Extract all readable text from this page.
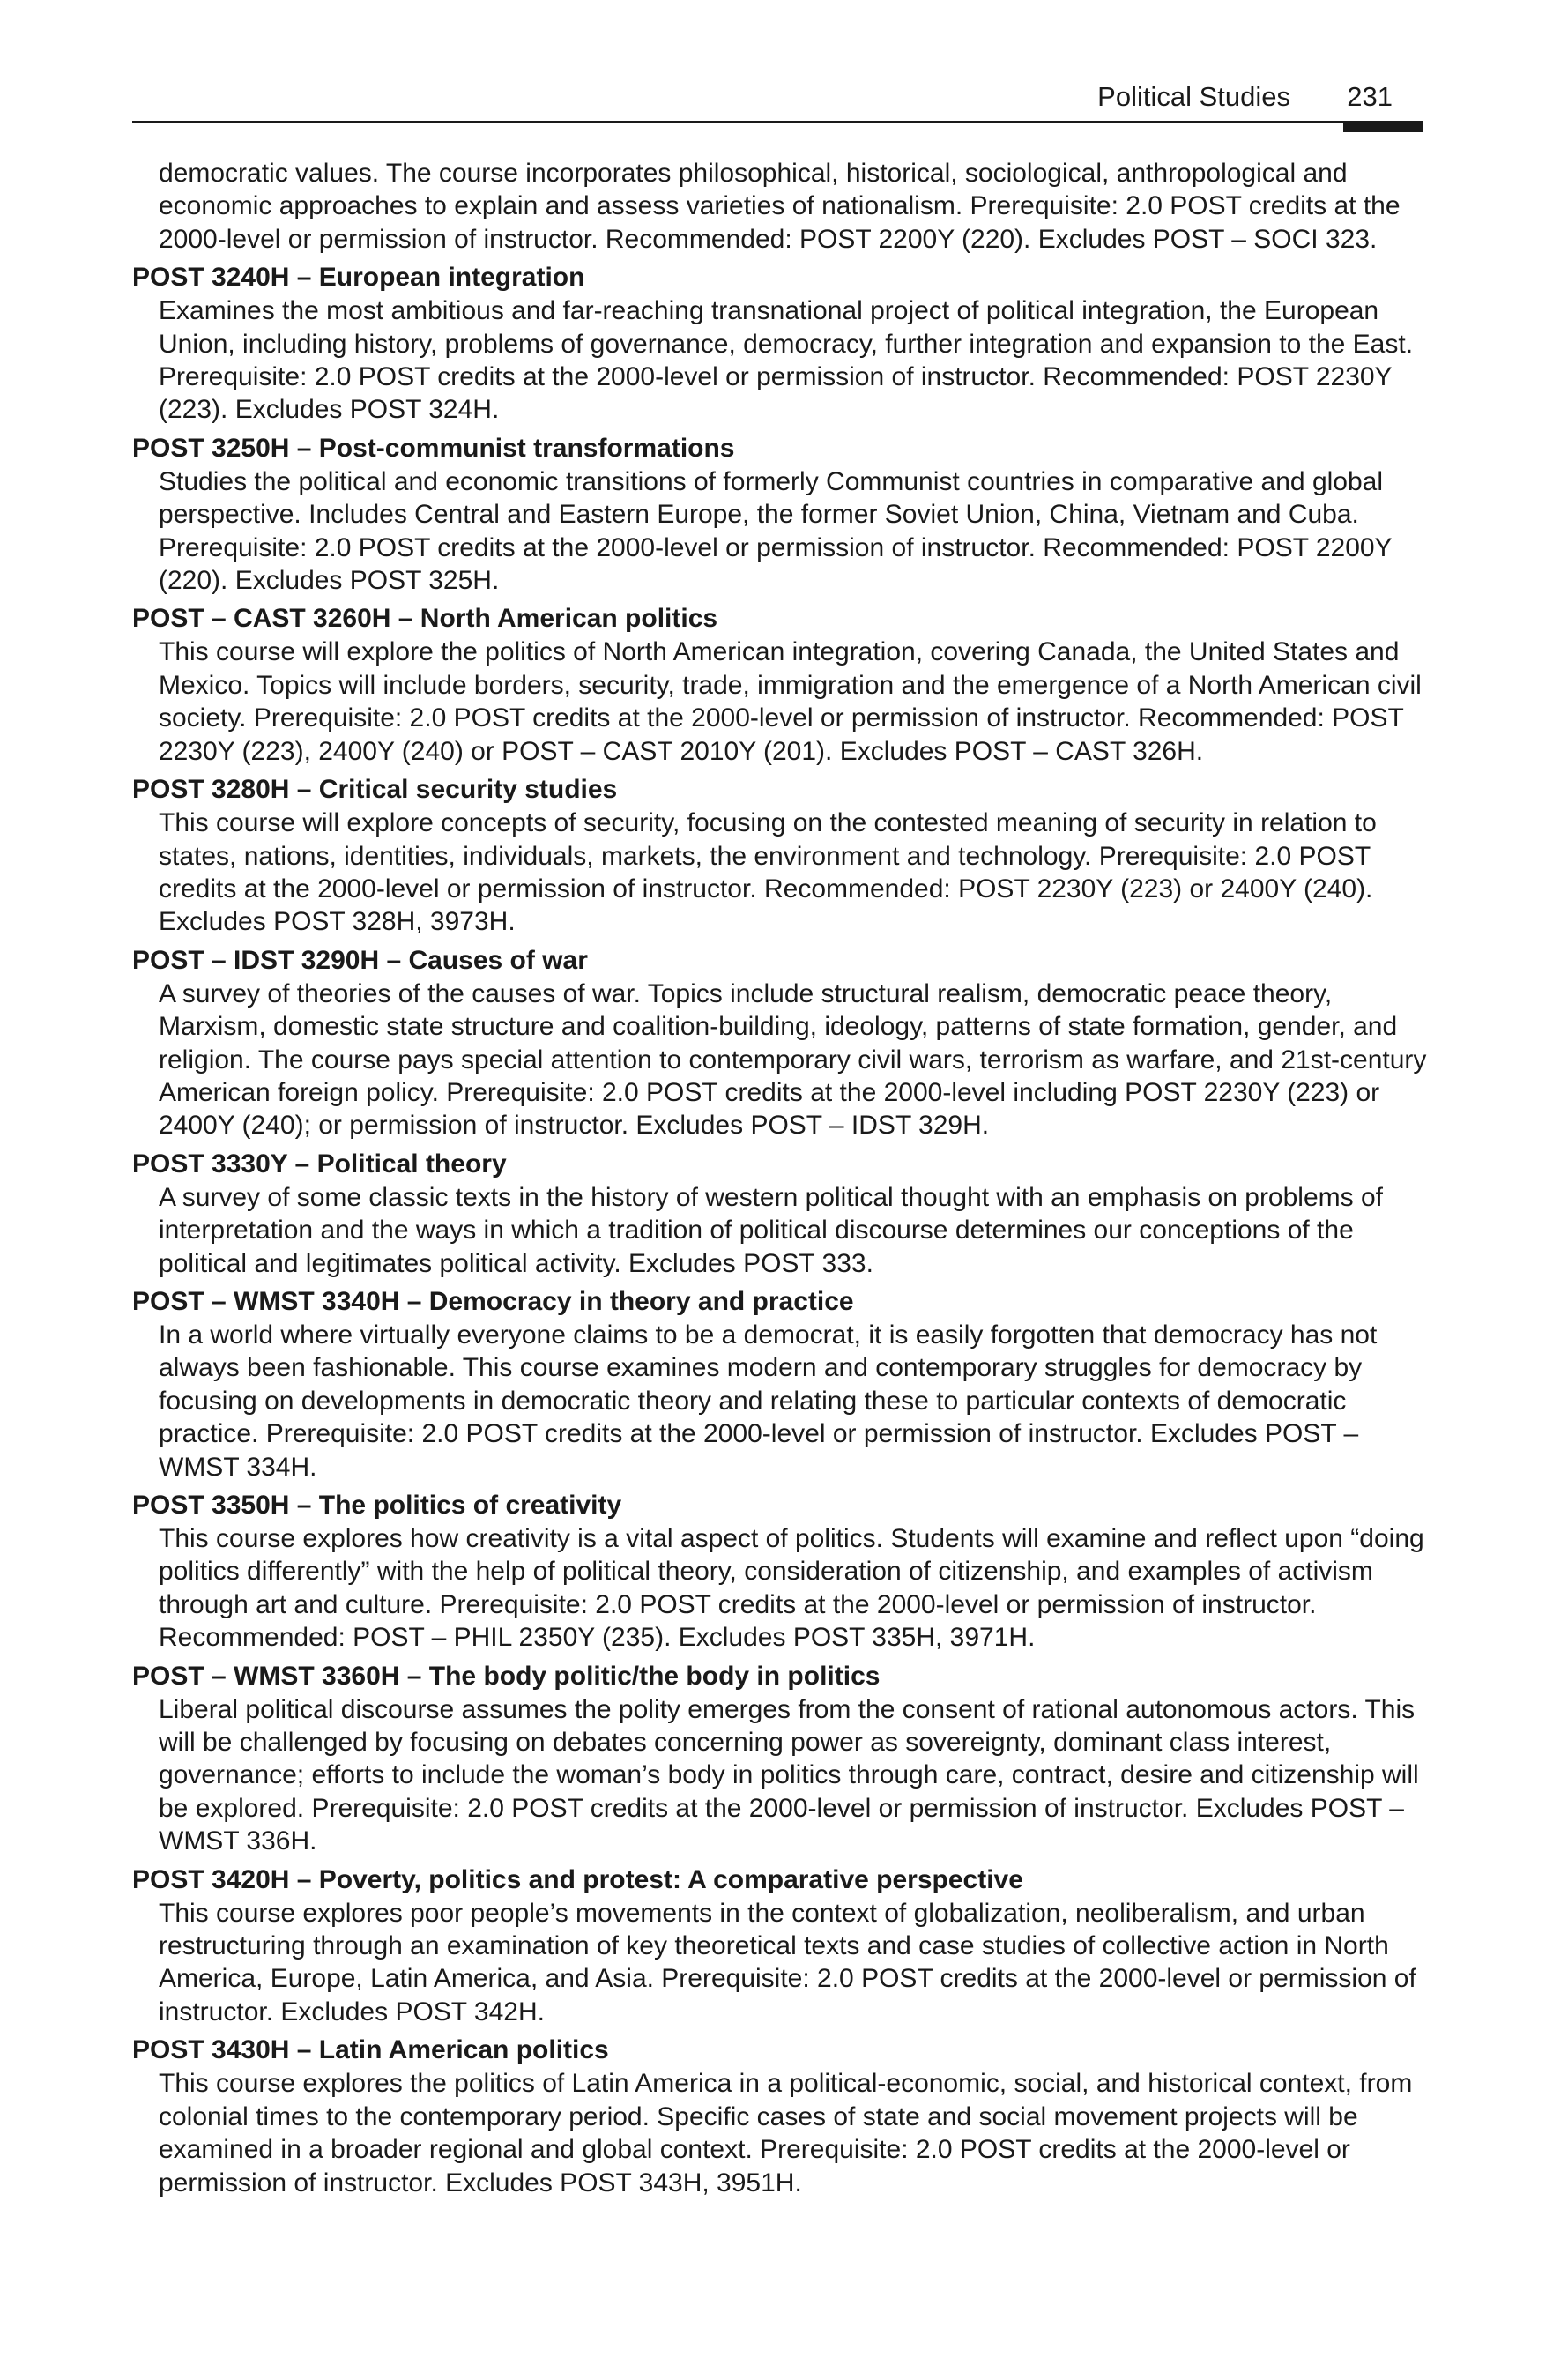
Political Studies 231

democratic values. The course incorporates philosophical, historical, sociological, anthropological and economic approaches to explain and assess varieties of nationalism. Prerequisite: 2.0 POST credits at the 2000-level or permission of instructor. Recommended: POST 2200Y (220). Excludes POST – SOCI 323.

POST 3240H – European integration

Examines the most ambitious and far-reaching transnational project of political integration, the European Union, including history, problems of governance, democracy, further integration and expansion to the East. Prerequisite: 2.0 POST credits at the 2000-level or permission of instructor. Recommended: POST 2230Y (223). Excludes POST 324H.

POST 3250H – Post-communist transformations

Studies the political and economic transitions of formerly Communist countries in comparative and global perspective. Includes Central and Eastern Europe, the former Soviet Union, China, Vietnam and Cuba. Prerequisite: 2.0 POST credits at the 2000-level or permission of instructor. Recommended: POST 2200Y (220). Excludes POST 325H.

POST – CAST 3260H – North American politics

This course will explore the politics of North American integration, covering Canada, the United States and Mexico. Topics will include borders, security, trade, immigration and the emergence of a North American civil society. Prerequisite: 2.0 POST credits at the 2000-level or permission of instructor. Recommended: POST 2230Y (223), 2400Y (240) or POST – CAST 2010Y (201). Excludes POST – CAST 326H.

POST 3280H – Critical security studies

This course will explore concepts of security, focusing on the contested meaning of security in relation to states, nations, identities, individuals, markets, the environment and technology. Prerequisite: 2.0 POST credits at the 2000-level or permission of instructor. Recommended: POST 2230Y (223) or 2400Y (240). Excludes POST 328H, 3973H.

POST – IDST 3290H – Causes of war

A survey of theories of the causes of war. Topics include structural realism, democratic peace theory, Marxism, domestic state structure and coalition-building, ideology, patterns of state formation, gender, and religion. The course pays special attention to contemporary civil wars, terrorism as warfare, and 21st-century American foreign policy. Prerequisite: 2.0 POST credits at the 2000-level including POST 2230Y (223) or 2400Y (240); or permission of instructor. Excludes POST – IDST 329H.

POST 3330Y – Political theory

A survey of some classic texts in the history of western political thought with an emphasis on problems of interpretation and the ways in which a tradition of political discourse determines our conceptions of the political and legitimates political activity. Excludes POST 333.

POST – WMST 3340H – Democracy in theory and practice

In a world where virtually everyone claims to be a democrat, it is easily forgotten that democracy has not always been fashionable. This course examines modern and contemporary struggles for democracy by focusing on developments in democratic theory and relating these to particular contexts of democratic practice. Prerequisite: 2.0 POST credits at the 2000-level or permission of instructor. Excludes POST – WMST 334H.

POST 3350H – The politics of creativity

This course explores how creativity is a vital aspect of politics. Students will examine and reflect upon “doing politics differently” with the help of political theory, consideration of citizenship, and examples of activism through art and culture. Prerequisite: 2.0 POST credits at the 2000-level or permission of instructor. Recommended: POST – PHIL 2350Y (235). Excludes POST 335H, 3971H.

POST – WMST 3360H – The body politic/the body in politics

Liberal political discourse assumes the polity emerges from the consent of rational autonomous actors. This will be challenged by focusing on debates concerning power as sovereignty, dominant class interest, governance; efforts to include the woman’s body in politics through care, contract, desire and citizenship will be explored. Prerequisite: 2.0 POST credits at the 2000-level or permission of instructor. Excludes POST – WMST 336H.

POST 3420H – Poverty, politics and protest: A comparative perspective

This course explores poor people’s movements in the context of globalization, neoliberalism, and urban restructuring through an examination of key theoretical texts and case studies of collective action in North America, Europe, Latin America, and Asia. Prerequisite: 2.0 POST credits at the 2000-level or permission of instructor. Excludes POST 342H.

POST 3430H – Latin American politics

This course explores the politics of Latin America in a political-economic, social, and historical context, from colonial times to the contemporary period. Specific cases of state and social movement projects will be examined in a broader regional and global context. Prerequisite: 2.0 POST credits at the 2000-level or permission of instructor. Excludes POST 343H, 3951H.
